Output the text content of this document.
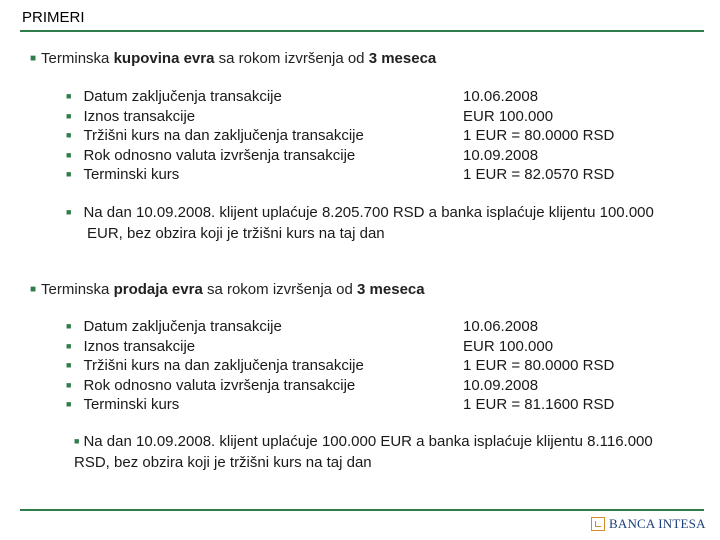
PRIMERI
■ Terminska kupovina evra sa rokom izvršenja od 3 meseca
■ Datum zaključenja transakcije	10.06.2008
■ Iznos transakcije	EUR 100.000
■ Tržišni kurs na dan zaključenja transakcije	1 EUR = 80.0000 RSD
■ Rok odnosno valuta izvršenja transakcije	10.09.2008
■ Terminski kurs	1 EUR = 82.0570 RSD
■ Na dan 10.09.2008. klijent uplaćuje 8.205.700 RSD a banka isplaćuje klijentu 100.000
EUR, bez obzira koji je tržišni kurs na taj dan
■ Terminska prodaja evra sa rokom izvršenja od 3 meseca
■ Datum zaključenja transakcije	10.06.2008
■ Iznos transakcije	EUR 100.000
■ Tržišni kurs na dan zaključenja transakcije	1 EUR = 80.0000 RSD
■ Rok odnosno valuta izvršenja transakcije	10.09.2008
■ Terminski kurs	1 EUR = 81.1600 RSD
■ Na dan 10.09.2008. klijent uplaćuje 100.000 EUR a banka isplaćuje klijentu 8.116.000
RSD, bez obzira koji je tržišni kurs na taj dan
BANCA INTESA
